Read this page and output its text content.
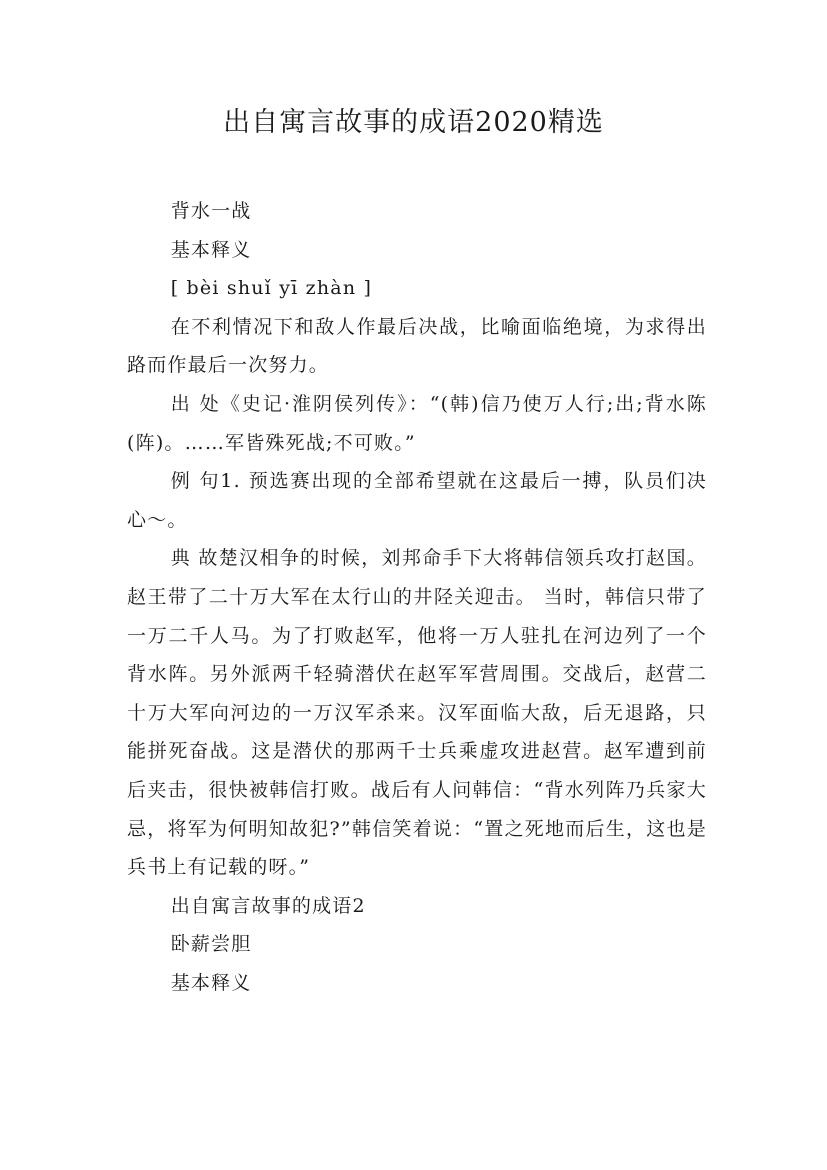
出自寓言故事的成语2020精选

背水一战

基本释义

[ bèi shuǐ yī zhàn ]

在不利情况下和敌人作最后决战，比喻面临绝境，为求得出路而作最后一次努力。

出 处《史记·淮阴侯列传》：“(韩)信乃使万人行;出;背水陈(阵)。……军皆殊死战;不可败。”

例 句1. 预选赛出现的全部希望就在这最后一搏，队员们决心～。

典 故楚汉相争的时候，刘邦命手下大将韩信领兵攻打赵国。赵王带了二十万大军在太行山的井陉关迎击。 当时，韩信只带了一万二千人马。为了打败赵军，他将一万人驻扎在河边列了一个背水阵。另外派两千轻骑潜伏在赵军军营周围。交战后，赵营二十万大军向河边的一万汉军杀来。汉军面临大敌，后无退路，只能拼死奋战。这是潜伏的那两千士兵乘虚攻进赵营。赵军遭到前后夹击，很快被韩信打败。战后有人问韩信：“背水列阵乃兵家大忌，将军为何明知故犯?”韩信笑着说：“置之死地而后生，这也是兵书上有记载的呀。”

出自寓言故事的成语2

卧薪尝胆

基本释义
